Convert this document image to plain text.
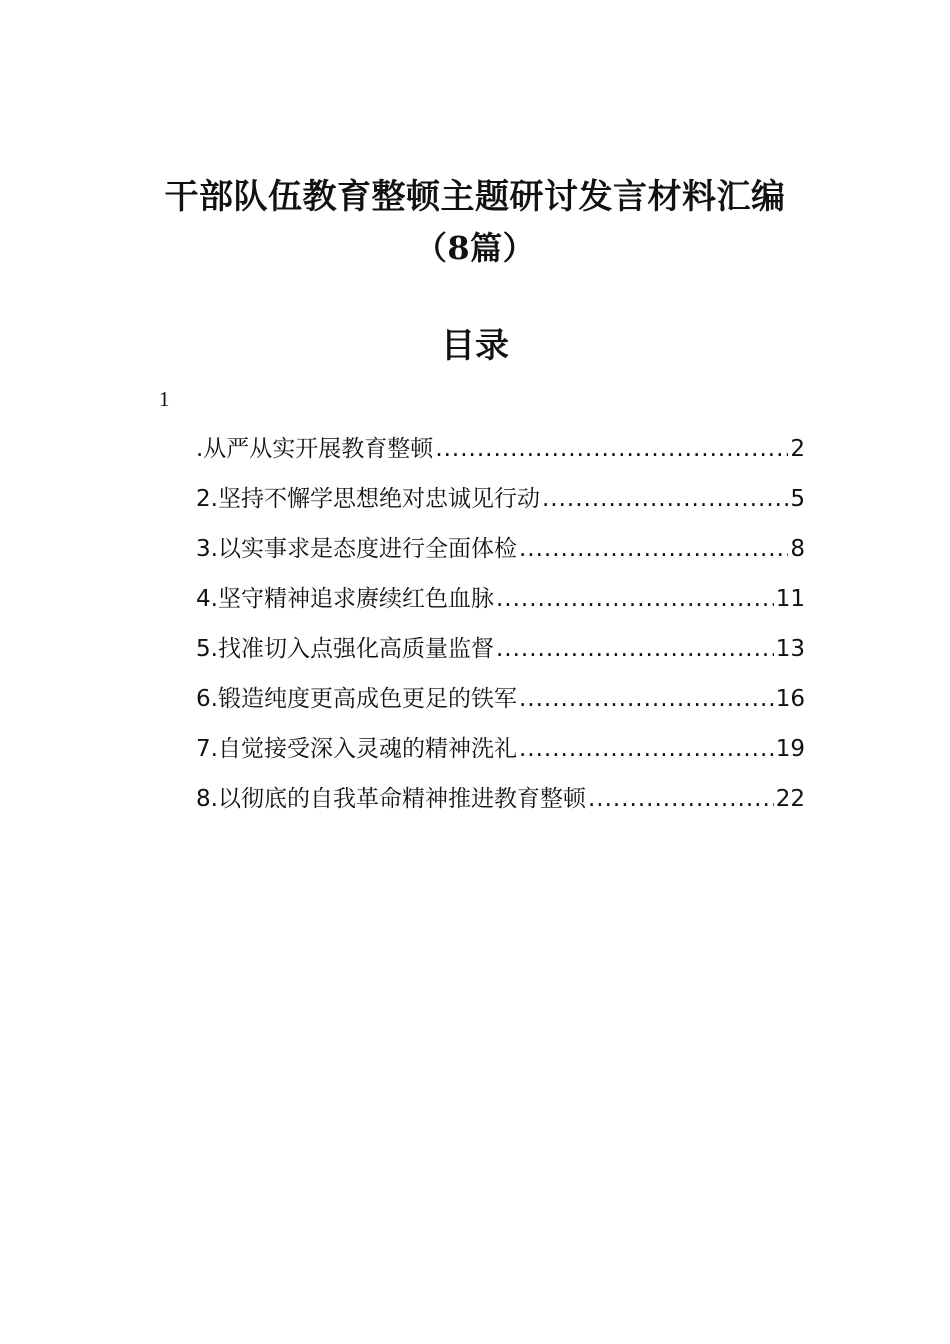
干部队伍教育整顿主题研讨发言材料汇编
（8篇）
目录
1
.从严从实开展教育整顿 .....	2
2.坚持不懈学思想绝对忠诚见行动 .....	5
3.以实事求是态度进行全面体检 .....	8
4.坚守精神追求赓续红色血脉 .....	11
5.找准切入点强化高质量监督 .....	13
6.锻造纯度更高成色更足的铁军 .....	16
7.自觉接受深入灵魂的精神洗礼 .....	19
8.以彻底的自我革命精神推进教育整顿 .....	22
